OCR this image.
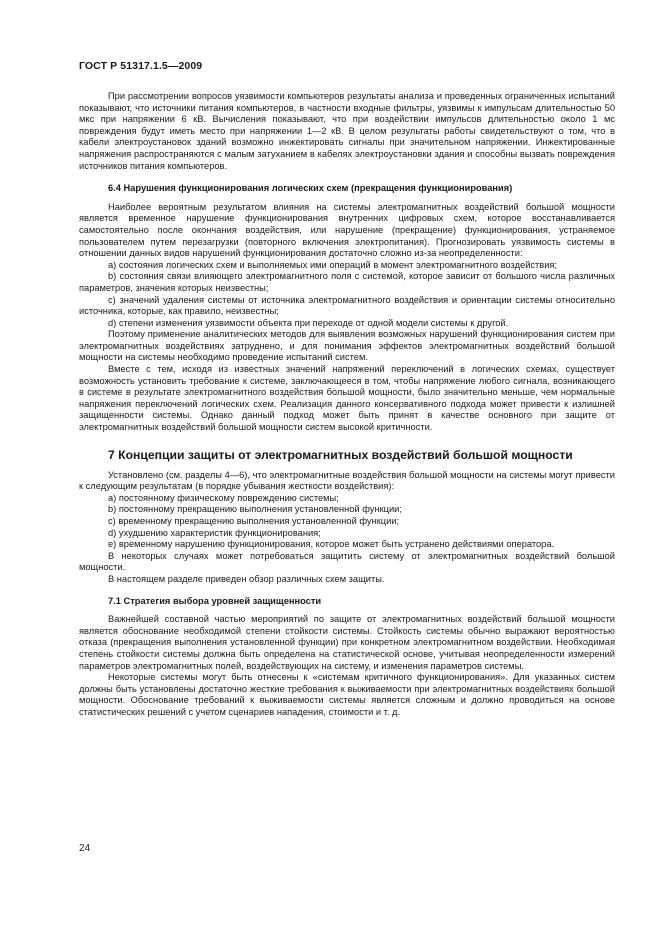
ГОСТ Р 51317.1.5—2009

При рассмотрении вопросов уязвимости компьютеров результаты анализа и проведенных ограниченных испытаний показывают, что источники питания компьютеров, в частности входные фильтры, уязвимы к импульсам длительностью 50 мкс при напряжении 6 кВ. Вычисления показывают, что при воздействии импульсов длительностью около 1 мс повреждения будут иметь место при напряжении 1—2 кВ. В целом результаты работы свидетельствуют о том, что в кабели электроустановок зданий возможно инжектировать сигналы при значительном напряжении. Инжектированные напряжения распространяются с малым затуханием в кабелях электроустановки здания и способны вызвать повреждения источников питания компьютеров.

6.4 Нарушения функционирования логических схем (прекращения функционирования)

Наиболее вероятным результатом влияния на системы электромагнитных воздействий большой мощности является временное нарушение функционирования внутренних цифровых схем, которое восстанавливается самостоятельно после окончания воздействия, или нарушение (прекращение) функционирования, устраняемое пользователем путем перезагрузки (повторного включения электропитания). Прогнозировать уязвимость системы в отношении данных видов нарушений функционирования достаточно сложно из-за неопределенности:

a) состояния логических схем и выполняемых ими операций в момент электромагнитного воздействия;

b) состояния связи влияющего электромагнитного поля с системой, которое зависит от большого числа различных параметров, значения которых неизвестны;

c) значений удаления системы от источника электромагнитного воздействия и ориентации системы относительно источника, которые, как правило, неизвестны;

d) степени изменения уязвимости объекта при переходе от одной модели системы к другой.

Поэтому применение аналитических методов для выявления возможных нарушений функционирования систем при электромагнитных воздействиях затруднено, и для понимания эффектов электромагнитных воздействий большой мощности на системы необходимо проведение испытаний систем.

Вместе с тем, исходя из известных значений напряжений переключений в логических схемах, существует возможность установить требование к системе, заключающееся в том, чтобы напряжение любого сигнала, возникающего в системе в результате электромагнитного воздействия большой мощности, было значительно меньше, чем нормальные напряжения переключений логических схем. Реализация данного консервативного подхода может привести к излишней защищенности системы. Однако данный подход может быть принят в качестве основного при защите от электромагнитных воздействий большой мощности систем высокой критичности.

7 Концепции защиты от электромагнитных воздействий большой мощности

Установлено (см. разделы 4—6), что электромагнитные воздействия большой мощности на системы могут привести к следующим результатам (в порядке убывания жесткости воздействия):

a) постоянному физическому повреждению системы;

b) постоянному прекращению выполнения установленной функции;

c) временному прекращению выполнения установленной функции;

d) ухудшению характеристик функционирования;

e) временному нарушению функционирования, которое может быть устранено действиями оператора.

В некоторых случаях может потребоваться защитить систему от электромагнитных воздействий большой мощности.

В настоящем разделе приведен обзор различных схем защиты.

7.1 Стратегия выбора уровней защищенности

Важнейшей составной частью мероприятий по защите от электромагнитных воздействий большой мощности является обоснование необходимой степени стойкости системы. Стойкость системы обычно выражают вероятностью отказа (прекращения выполнения установленной функции) при конкретном электромагнитном воздействии. Необходимая степень стойкости системы должна быть определена на статистической основе, учитывая неопределенности измерений параметров электромагнитных полей, воздействующих на систему, и изменения параметров системы.

Некоторые системы могут быть отнесены к «системам критичного функционирования». Для указанных систем должны быть установлены достаточно жесткие требования к выживаемости при электромагнитных воздействиях большой мощности. Обоснование требований к выживаемости системы является сложным и должно проводиться на основе статистических решений с учетом сценариев нападения, стоимости и т. д.

24
